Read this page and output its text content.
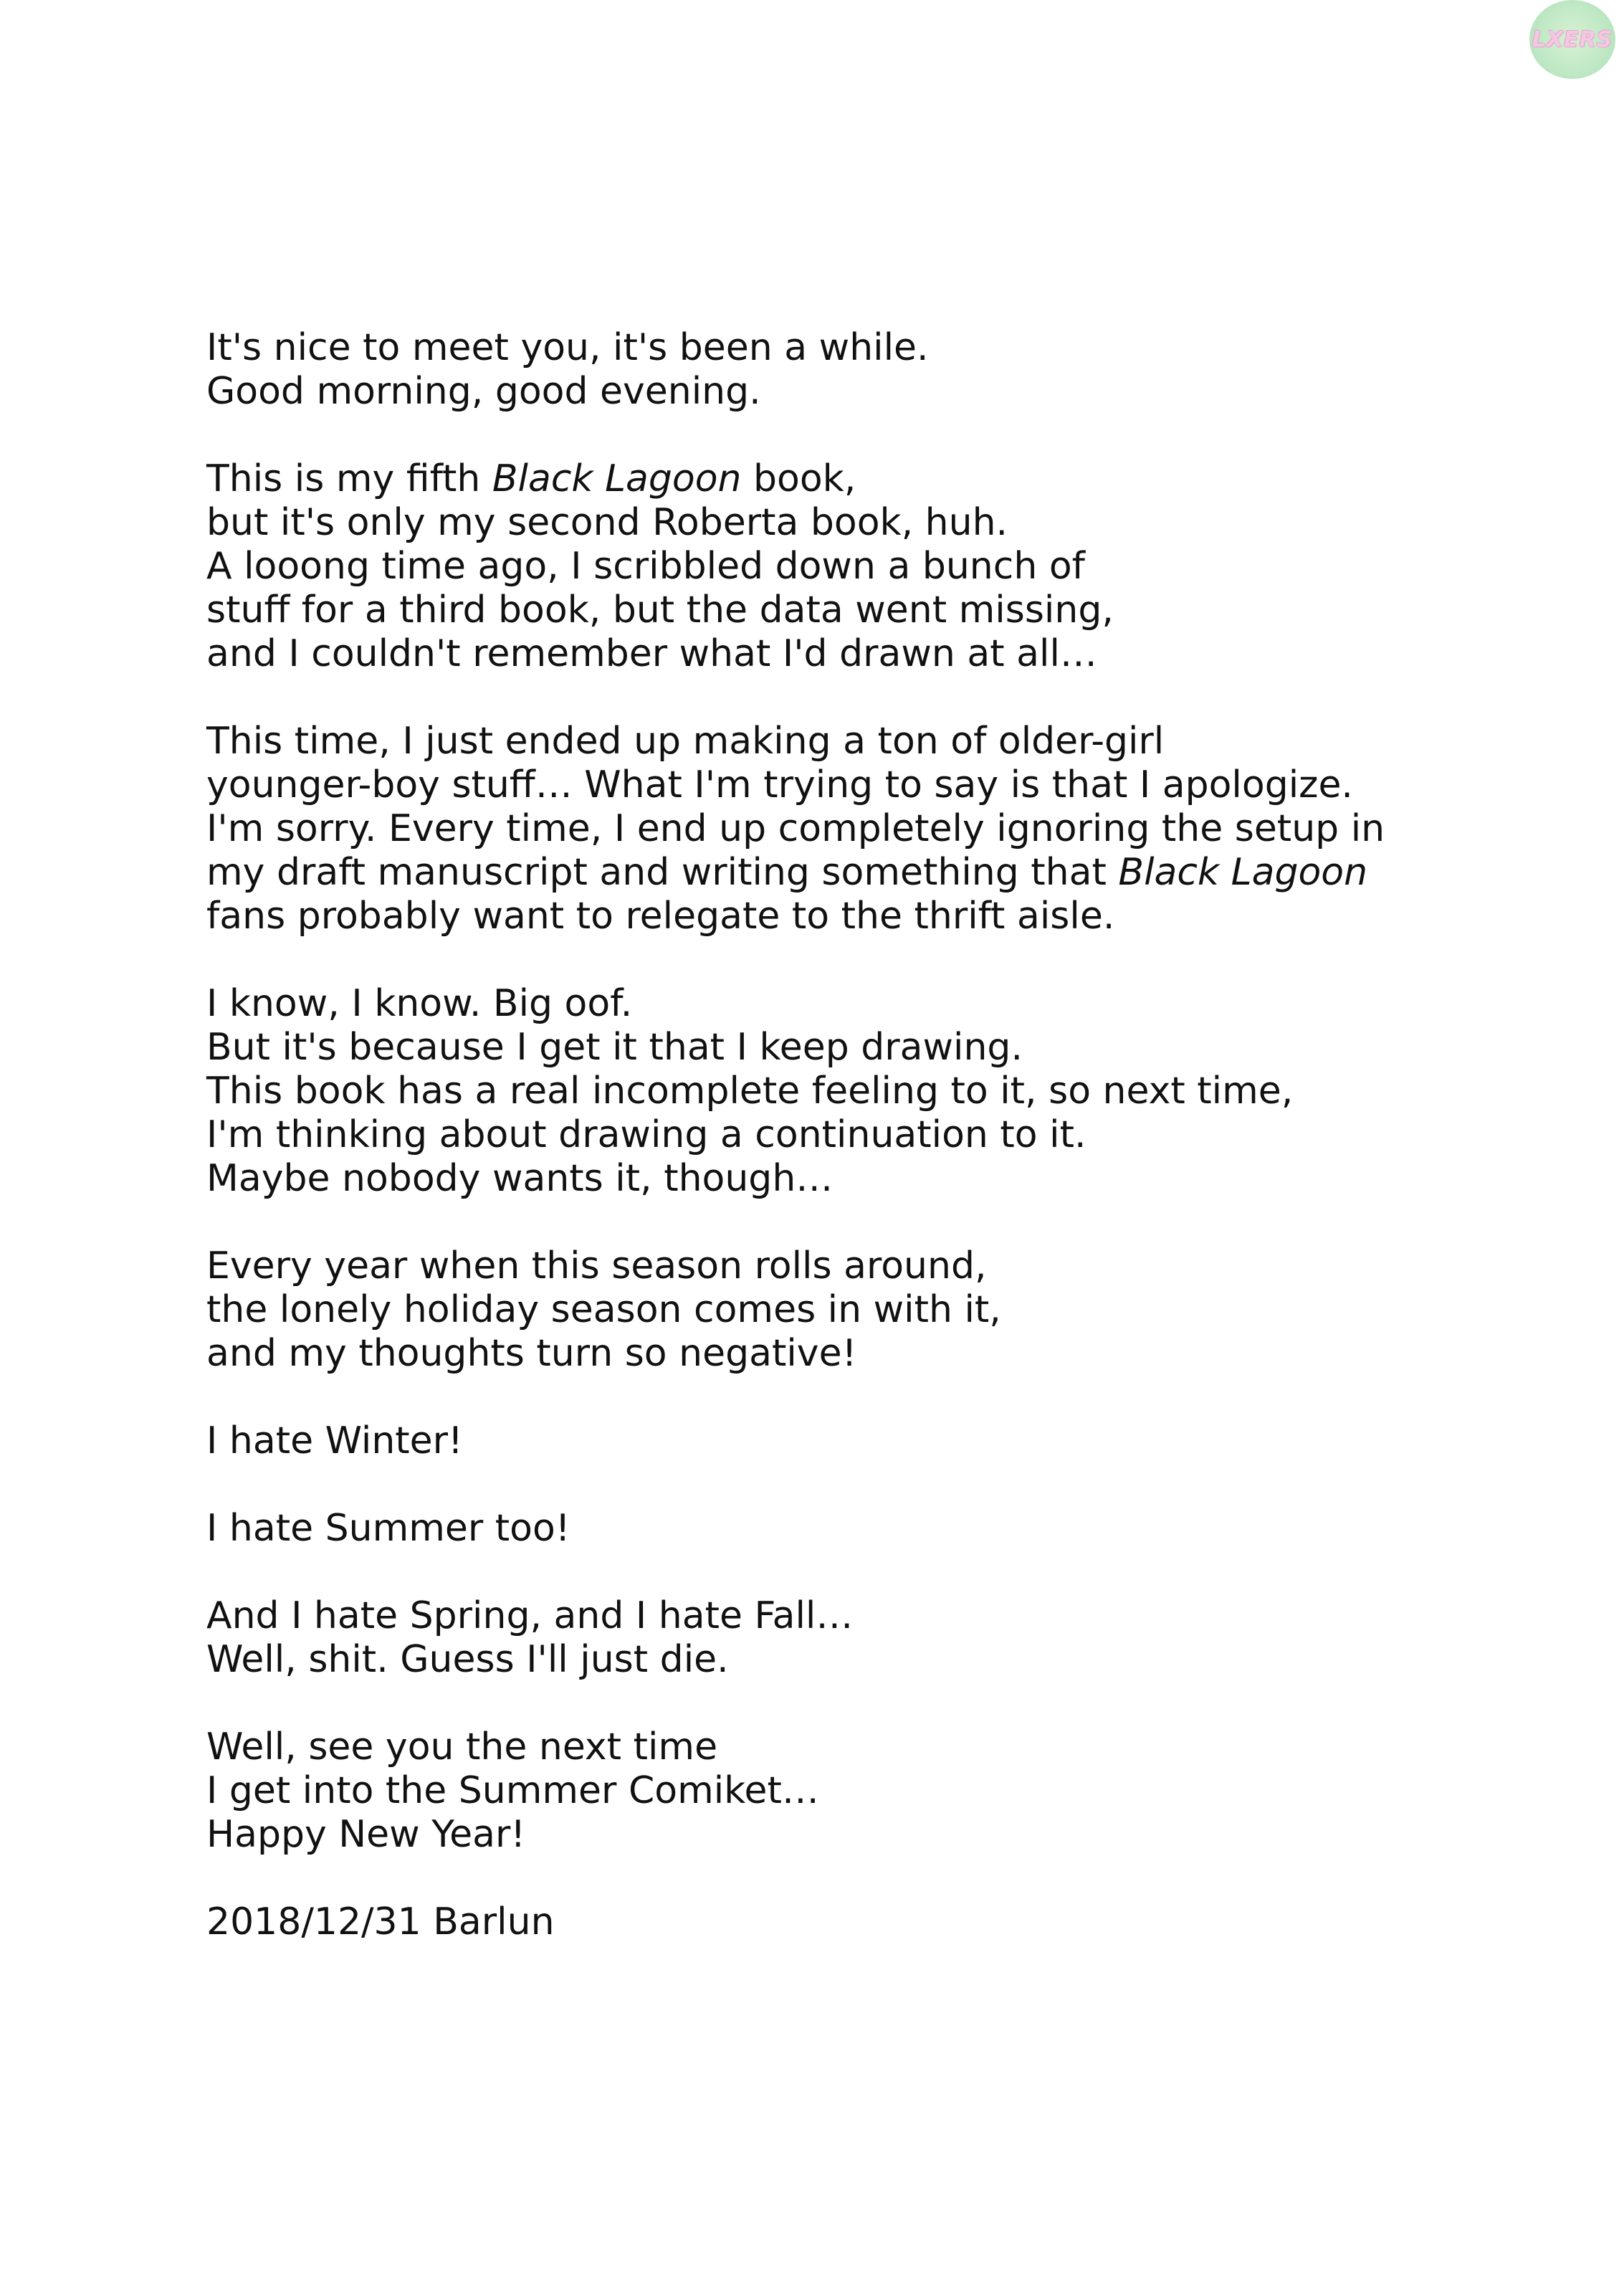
LXERS
It's nice to meet you, it's been a while.
Good morning, good evening.
This is my fifth Black Lagoon book,
but it's only my second Roberta book, huh.
A looong time ago, I scribbled down a bunch of
stuff for a third book, but the data went missing,
and I couldn't remember what I'd drawn at all…
This time, I just ended up making a ton of older-girl
younger-boy stuff… What I'm trying to say is that I apologize.
I'm sorry. Every time, I end up completely ignoring the setup in
my draft manuscript and writing something that Black Lagoon
fans probably want to relegate to the thrift aisle.
I know, I know. Big oof.
But it's because I get it that I keep drawing.
This book has a real incomplete feeling to it, so next time,
I'm thinking about drawing a continuation to it.
Maybe nobody wants it, though…
Every year when this season rolls around,
the lonely holiday season comes in with it,
and my thoughts turn so negative!
I hate Winter!
I hate Summer too!
And I hate Spring, and I hate Fall…
Well, shit. Guess I'll just die.
Well, see you the next time
I get into the Summer Comiket…
Happy New Year!
2018/12/31 Barlun
